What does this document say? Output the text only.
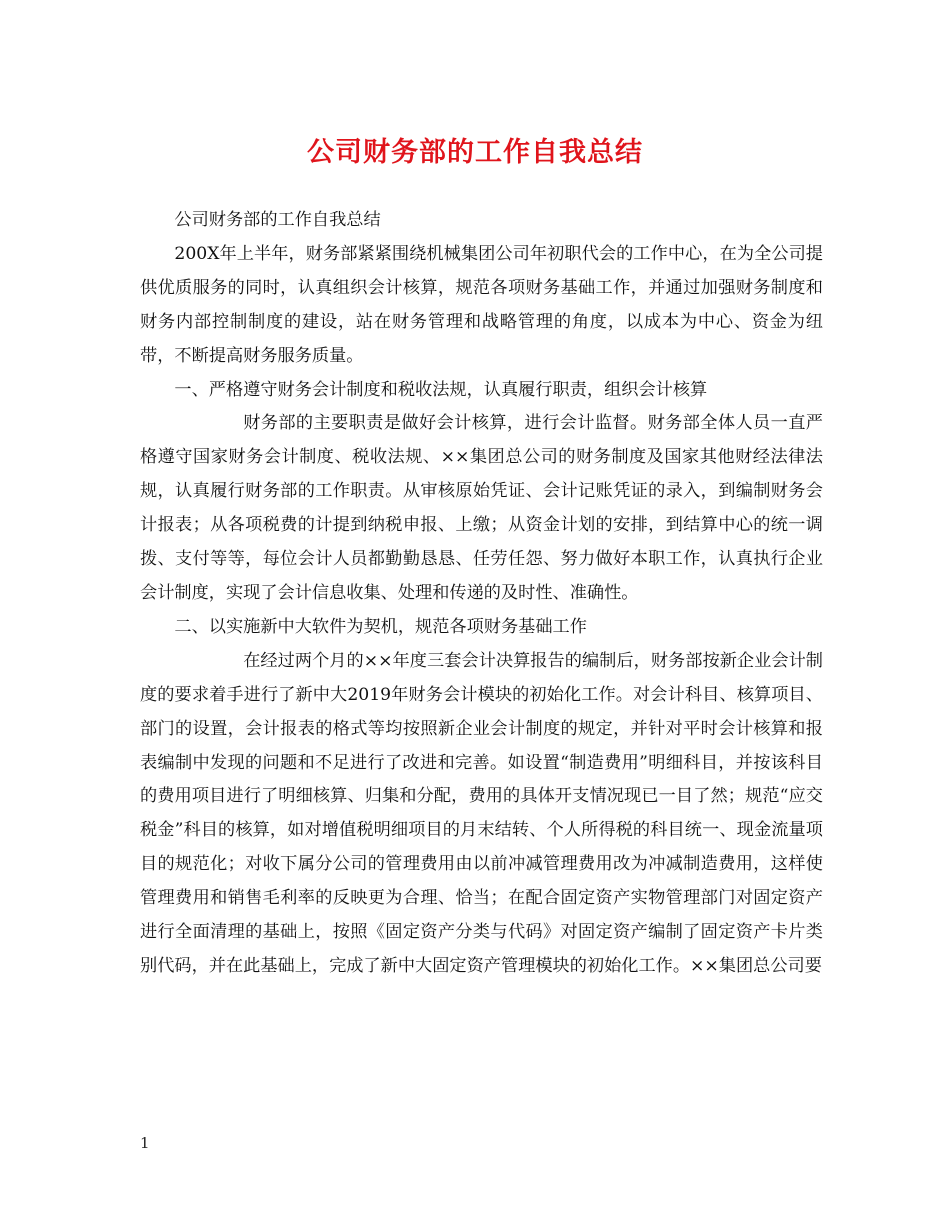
公司财务部的工作自我总结

公司财务部的工作自我总结

200X年上半年，财务部紧紧围绕机械集团公司年初职代会的工作中心，在为全公司提供优质服务的同时，认真组织会计核算，规范各项财务基础工作，并通过加强财务制度和财务内部控制制度的建设，站在财务管理和战略管理的角度，以成本为中心、资金为纽带，不断提高财务服务质量。

一、严格遵守财务会计制度和税收法规，认真履行职责，组织会计核算

财务部的主要职责是做好会计核算，进行会计监督。财务部全体人员一直严格遵守国家财务会计制度、税收法规、××集团总公司的财务制度及国家其他财经法律法规，认真履行财务部的工作职责。从审核原始凭证、会计记账凭证的录入，到编制财务会计报表；从各项税费的计提到纳税申报、上缴；从资金计划的安排，到结算中心的统一调拨、支付等等，每位会计人员都勤勤恳恳、任劳任怨、努力做好本职工作，认真执行企业会计制度，实现了会计信息收集、处理和传递的及时性、准确性。

二、以实施新中大软件为契机，规范各项财务基础工作

在经过两个月的××年度三套会计决算报告的编制后，财务部按新企业会计制度的要求着手进行了新中大2019年财务会计模块的初始化工作。对会计科目、核算项目、部门的设置，会计报表的格式等均按照新企业会计制度的规定，并针对平时会计核算和报表编制中发现的问题和不足进行了改进和完善。如设置“制造费用”明细科目，并按该科目的费用项目进行了明细核算、归集和分配，费用的具体开支情况现已一目了然；规范“应交税金”科目的核算，如对增值税明细项目的月末结转、个人所得税的科目统一、现金流量项目的规范化；对收下属分公司的管理费用由以前冲减管理费用改为冲减制造费用，这样使管理费用和销售毛利率的反映更为合理、恰当；在配合固定资产实物管理部门对固定资产进行全面清理的基础上，按照《固定资产分类与代码》对固定资产编制了固定资产卡片类别代码，并在此基础上，完成了新中大固定资产管理模块的初始化工作。××集团总公司要

1
